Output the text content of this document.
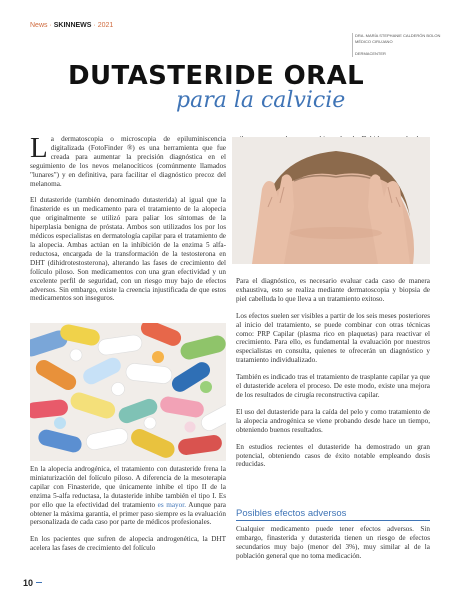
News · SKINNEWS · 2021
DRA. MARÍA STEPHANIE CALDERÓN BOLON MÉDICO CIRUJANO
DERMACENTER
DUTASTERIDE ORAL
para la calvicie

La dermatoscopia o microscopia de epiluminiscencia digitalizada (FotoFinder ®) es una herramienta que fue creada para aumentar la precisión diagnóstica en el seguimiento de los nevos melanocíticos (comúnmente llamados "lunares") y en definitiva, para facilitar el diagnóstico precoz del melanoma.

El dutasteride (también denominado dutasterida) al igual que la finasteride es un medicamento para el tratamiento de la alopecia que originalmente se utilizó para paliar los síntomas de la hiperplasia benigna de próstata. Ambos son utilizados los por los médicos especialistas en dermatología capilar para el tratamiento de la alopecia. Ambas actúan en la inhibición de la enzima 5 alfa-reductosa, encargada de la transformación de la testosterona en DHT (dihidrotestosterona), alterando las fases de crecimiento del folículo piloso. Son medicamentos con una gran efectividad y un excelente perfil de seguridad, con un riesgo muy bajo de efectos adversos. Sin embargo, existe la creencia injustificada de que estos medicamentos son inseguros.

En la alopecia androgénica, el tratamiento con dutasteride frena la miniaturización del folículo piloso. A diferencia de la mesoterapia capilar con Finasteride, que únicamente inhibe el tipo II de la enzima 5-alfa reductasa, la dutasteride inhibe también el tipo I. Es por ello que la efectividad del tratamiento es mayor. Aunque para obtener la máxima garantía, el primer paso siempre es la evaluación personalizada de cada caso por parte de médicos profesionales.

En los pacientes que sufren de alopecia androgenética, la DHT acelera las fases de crecimiento del folículo

Para el diagnóstico, es necesario evaluar cada caso de manera exhaustiva, esto se realiza mediante dermatoscopia y biopsia de piel cabelluda lo que lleva a un tratamiento exitoso.

Los efectos suelen ser visibles a partir de los seis meses posteriores al inicio del tratamiento, se puede combinar con otras técnicas como: PRP Capilar (plasma rico en plaquetas) para reactivar el crecimiento. Para ello, es fundamental la evaluación por nuestros especialistas en consulta, quienes te ofrecerán un diagnóstico y tratamiento individualizado.

También es indicado tras el tratamiento de trasplante capilar ya que el dutasteride acelera el proceso. De este modo, existe una mejora de los resultados de cirugía reconstructiva capilar.

El uso del dutasteride para la caída del pelo y como tratamiento de la alopecia androgénica se viene probando desde hace un tiempo, obteniendo buenos resultados.

En estudios recientes el dutasteride ha demostrado un gran potencial, obteniendo casos de éxito notable empleando dosis reducidas.

Posibles efectos adversos

Cualquier medicamento puede tener efectos adversos. Sin embargo, finasterida y dutasterida tienen un riesgo de efectos secundarios muy bajo (menor del 3%), muy similar al de la población general que no toma medicación.

10
